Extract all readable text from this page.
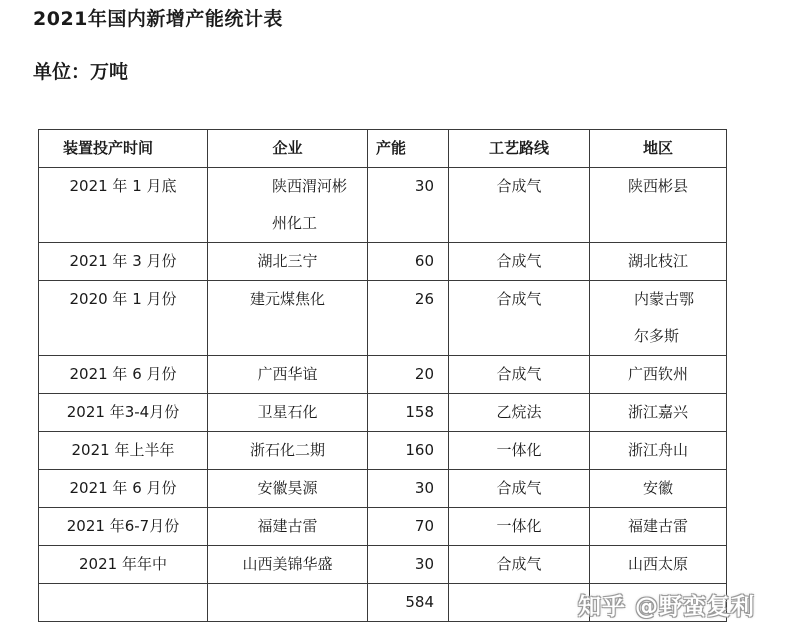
2021年国内新增产能统计表
单位：万吨
装置投产时间	企业	产能	工艺路线	地区
2021 年 1 月底	陕西渭河彬州化工	30	合成气	陕西彬县
2021 年 3 月份	湖北三宁	60	合成气	湖北枝江
2020 年 1 月份	建元煤焦化	26	合成气	内蒙古鄂尔多斯
2021 年 6 月份	广西华谊	20	合成气	广西钦州
2021 年3-4月份	卫星石化	158	乙烷法	浙江嘉兴
2021 年上半年	浙石化二期	160	一体化	浙江舟山
2021 年 6 月份	安徽昊源	30	合成气	安徽
2021 年6-7月份	福建古雷	70	一体化	福建古雷
2021 年年中	山西美锦华盛	30	合成气	山西太原
		584			知乎 @野蛮复利
